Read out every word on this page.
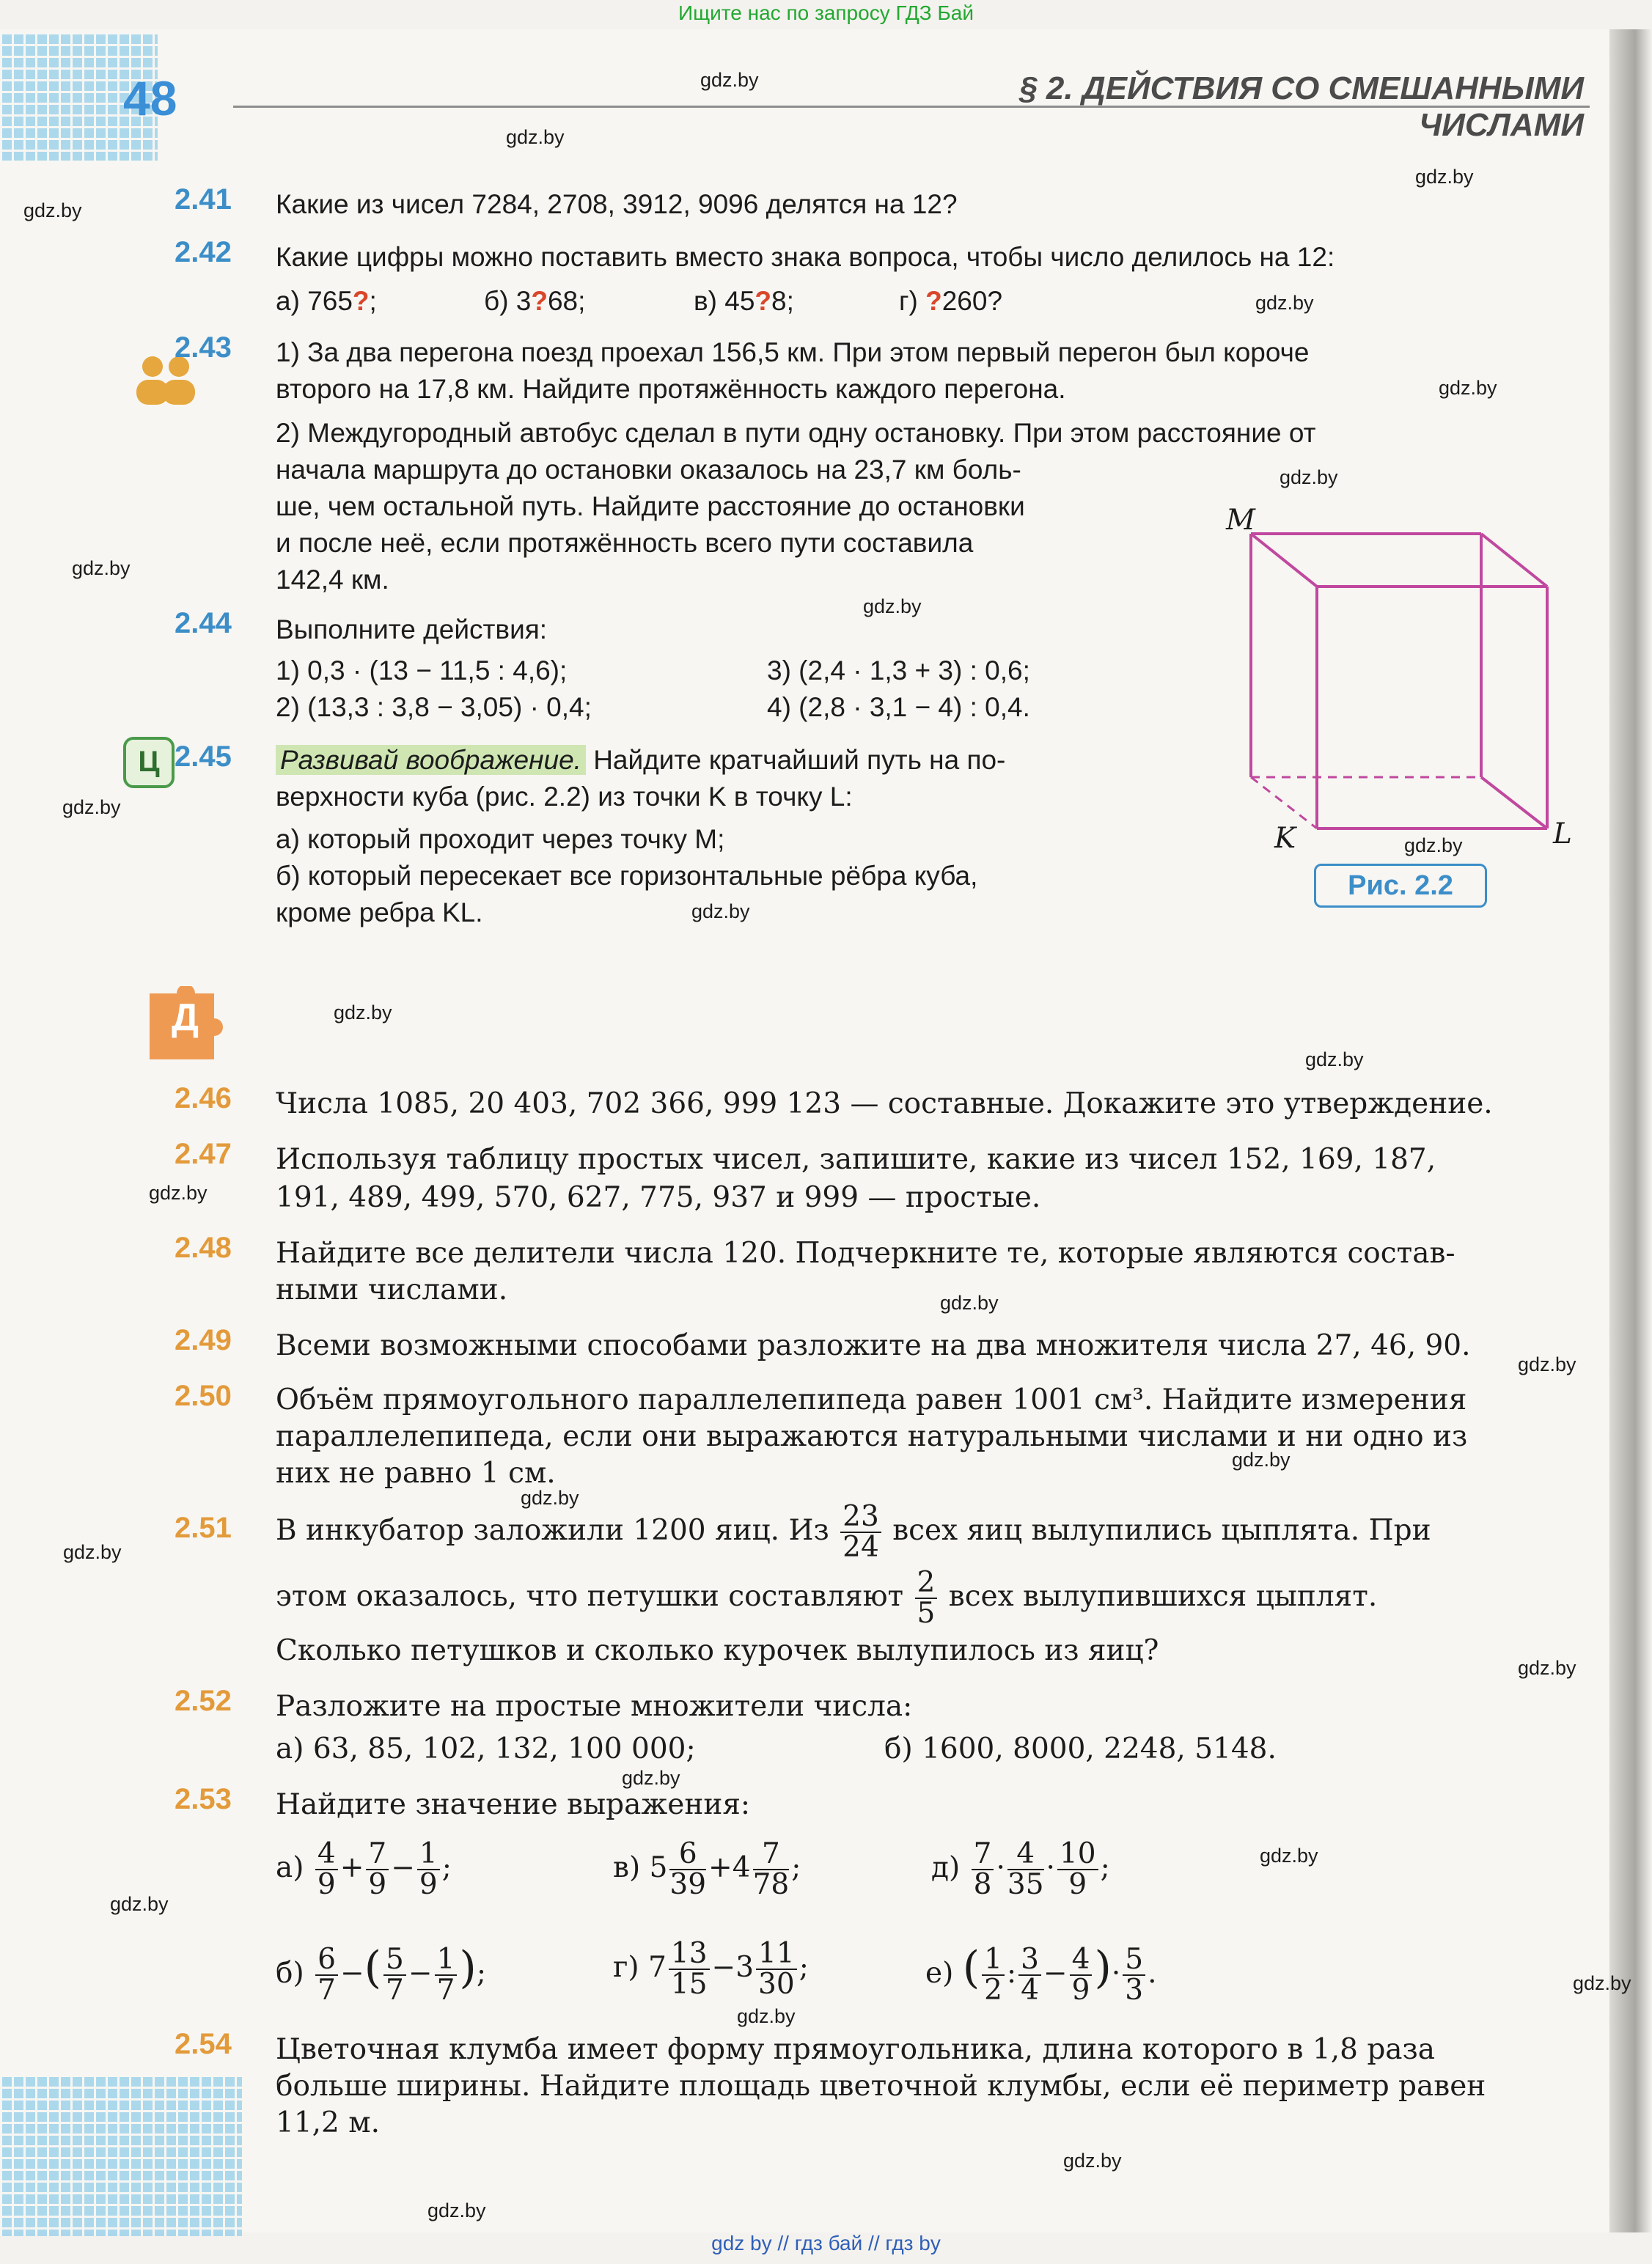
Ищите нас по запросу ГДЗ Бай
gdz by // гдз бай // гдз by
48	§ 2. ДЕЙСТВИЯ СО СМЕШАННЫМИ ЧИСЛАМИ
gdz.by
gdz.by
gdz.by
gdz.by
gdz.by
gdz.by
gdz.by
gdz.by
gdz.by
gdz.by
gdz.by
gdz.by
gdz.by
gdz.by
gdz.by
gdz.by
gdz.by
gdz.by
gdz.by
gdz.by
gdz.by
gdz.by
gdz.by
gdz.by
gdz.by
gdz.by
gdz.by
gdz.by
2.41 Какие из чисел 7284, 2708, 3912, 9096 делятся на 12?
2.42 Какие цифры можно поставить вместо знака вопроса, чтобы число делилось на 12:
а) 765?;	б) 3?68;	в) 45?8;	г) ?260?
2.43 1) За два перегона поезд проехал 156,5 км. При этом первый перегон был короче
второго на 17,8 км. Найдите протяжённость каждого перегона.
2) Междугородный автобус сделал в пути одну остановку. При этом расстояние от
начала маршрута до остановки оказалось на 23,7 км боль-
ше, чем остальной путь. Найдите расстояние до остановки
и после неё, если протяжённость всего пути составила
142,4 км.
2.44 Выполните действия:
1) 0,3 · (13 − 11,5 : 4,6);
2) (13,3 : 3,8 − 3,05) · 0,4;
3) (2,4 · 1,3 + 3) : 0,6;
4) (2,8 · 3,1 − 4) : 0,4.
Ц 2.45 Развивай воображение. Найдите кратчайший путь на по-
верхности куба (рис. 2.2) из точки K в точку L:
а) который проходит через точку M;
б) который пересекает все горизонтальные рёбра куба,
кроме ребра KL.
M
K	L
Рис. 2.2
Д
2.46 Числа 1085, 20 403, 702 366, 999 123 — составные. Докажите это утверждение.
2.47 Используя таблицу простых чисел, запишите, какие из чисел 152, 169, 187,
191, 489, 499, 570, 627, 775, 937 и 999 — простые.
2.48 Найдите все делители числа 120. Подчеркните те, которые являются состав-
ными числами.
2.49 Всеми возможными способами разложите на два множителя числа 27, 46, 90.
2.50 Объём прямоугольного параллелепипеда равен 1001 см³. Найдите измерения
параллелепипеда, если они выражаются натуральными числами и ни одно из
них не равно 1 см.
2.51 В инкубатор заложили 1200 яиц. Из $\frac{23}{24}$ всех яиц вылупились цыплята. При
этом оказалось, что петушки составляют $\frac{2}{5}$ всех вылупившихся цыплят.
Сколько петушков и сколько курочек вылупилось из яиц?
2.52 Разложите на простые множители числа:
а) 63, 85, 102, 132, 100 000;	б) 1600, 8000, 2248, 5148.
2.53 Найдите значение выражения:
$а) \frac{4}{9} + \frac{7}{9} - \frac{1}{9}$ ;	в) $5 \frac{6}{39} +4 \frac{7}{78}$ ;	$д) \frac{7}{8} \cdot \frac{4}{35} \cdot \frac{10}{9}$ ;
$б) \frac{6}{7}$ −( $\frac{5}{7} - \frac{1}{7}$ );	г) $7 \frac{13}{15} -3 \frac{11}{30}$ ;	е) ( $\frac{1}{2}$ : $\frac{3}{4} - \frac{4}{9}$ )· $\frac{5}{3}$ .
2.54 Цветочная клумба имеет форму прямоугольника, длина которого в 1,8 раза
больше ширины. Найдите площадь цветочной клумбы, если её периметр равен
11,2 м.
